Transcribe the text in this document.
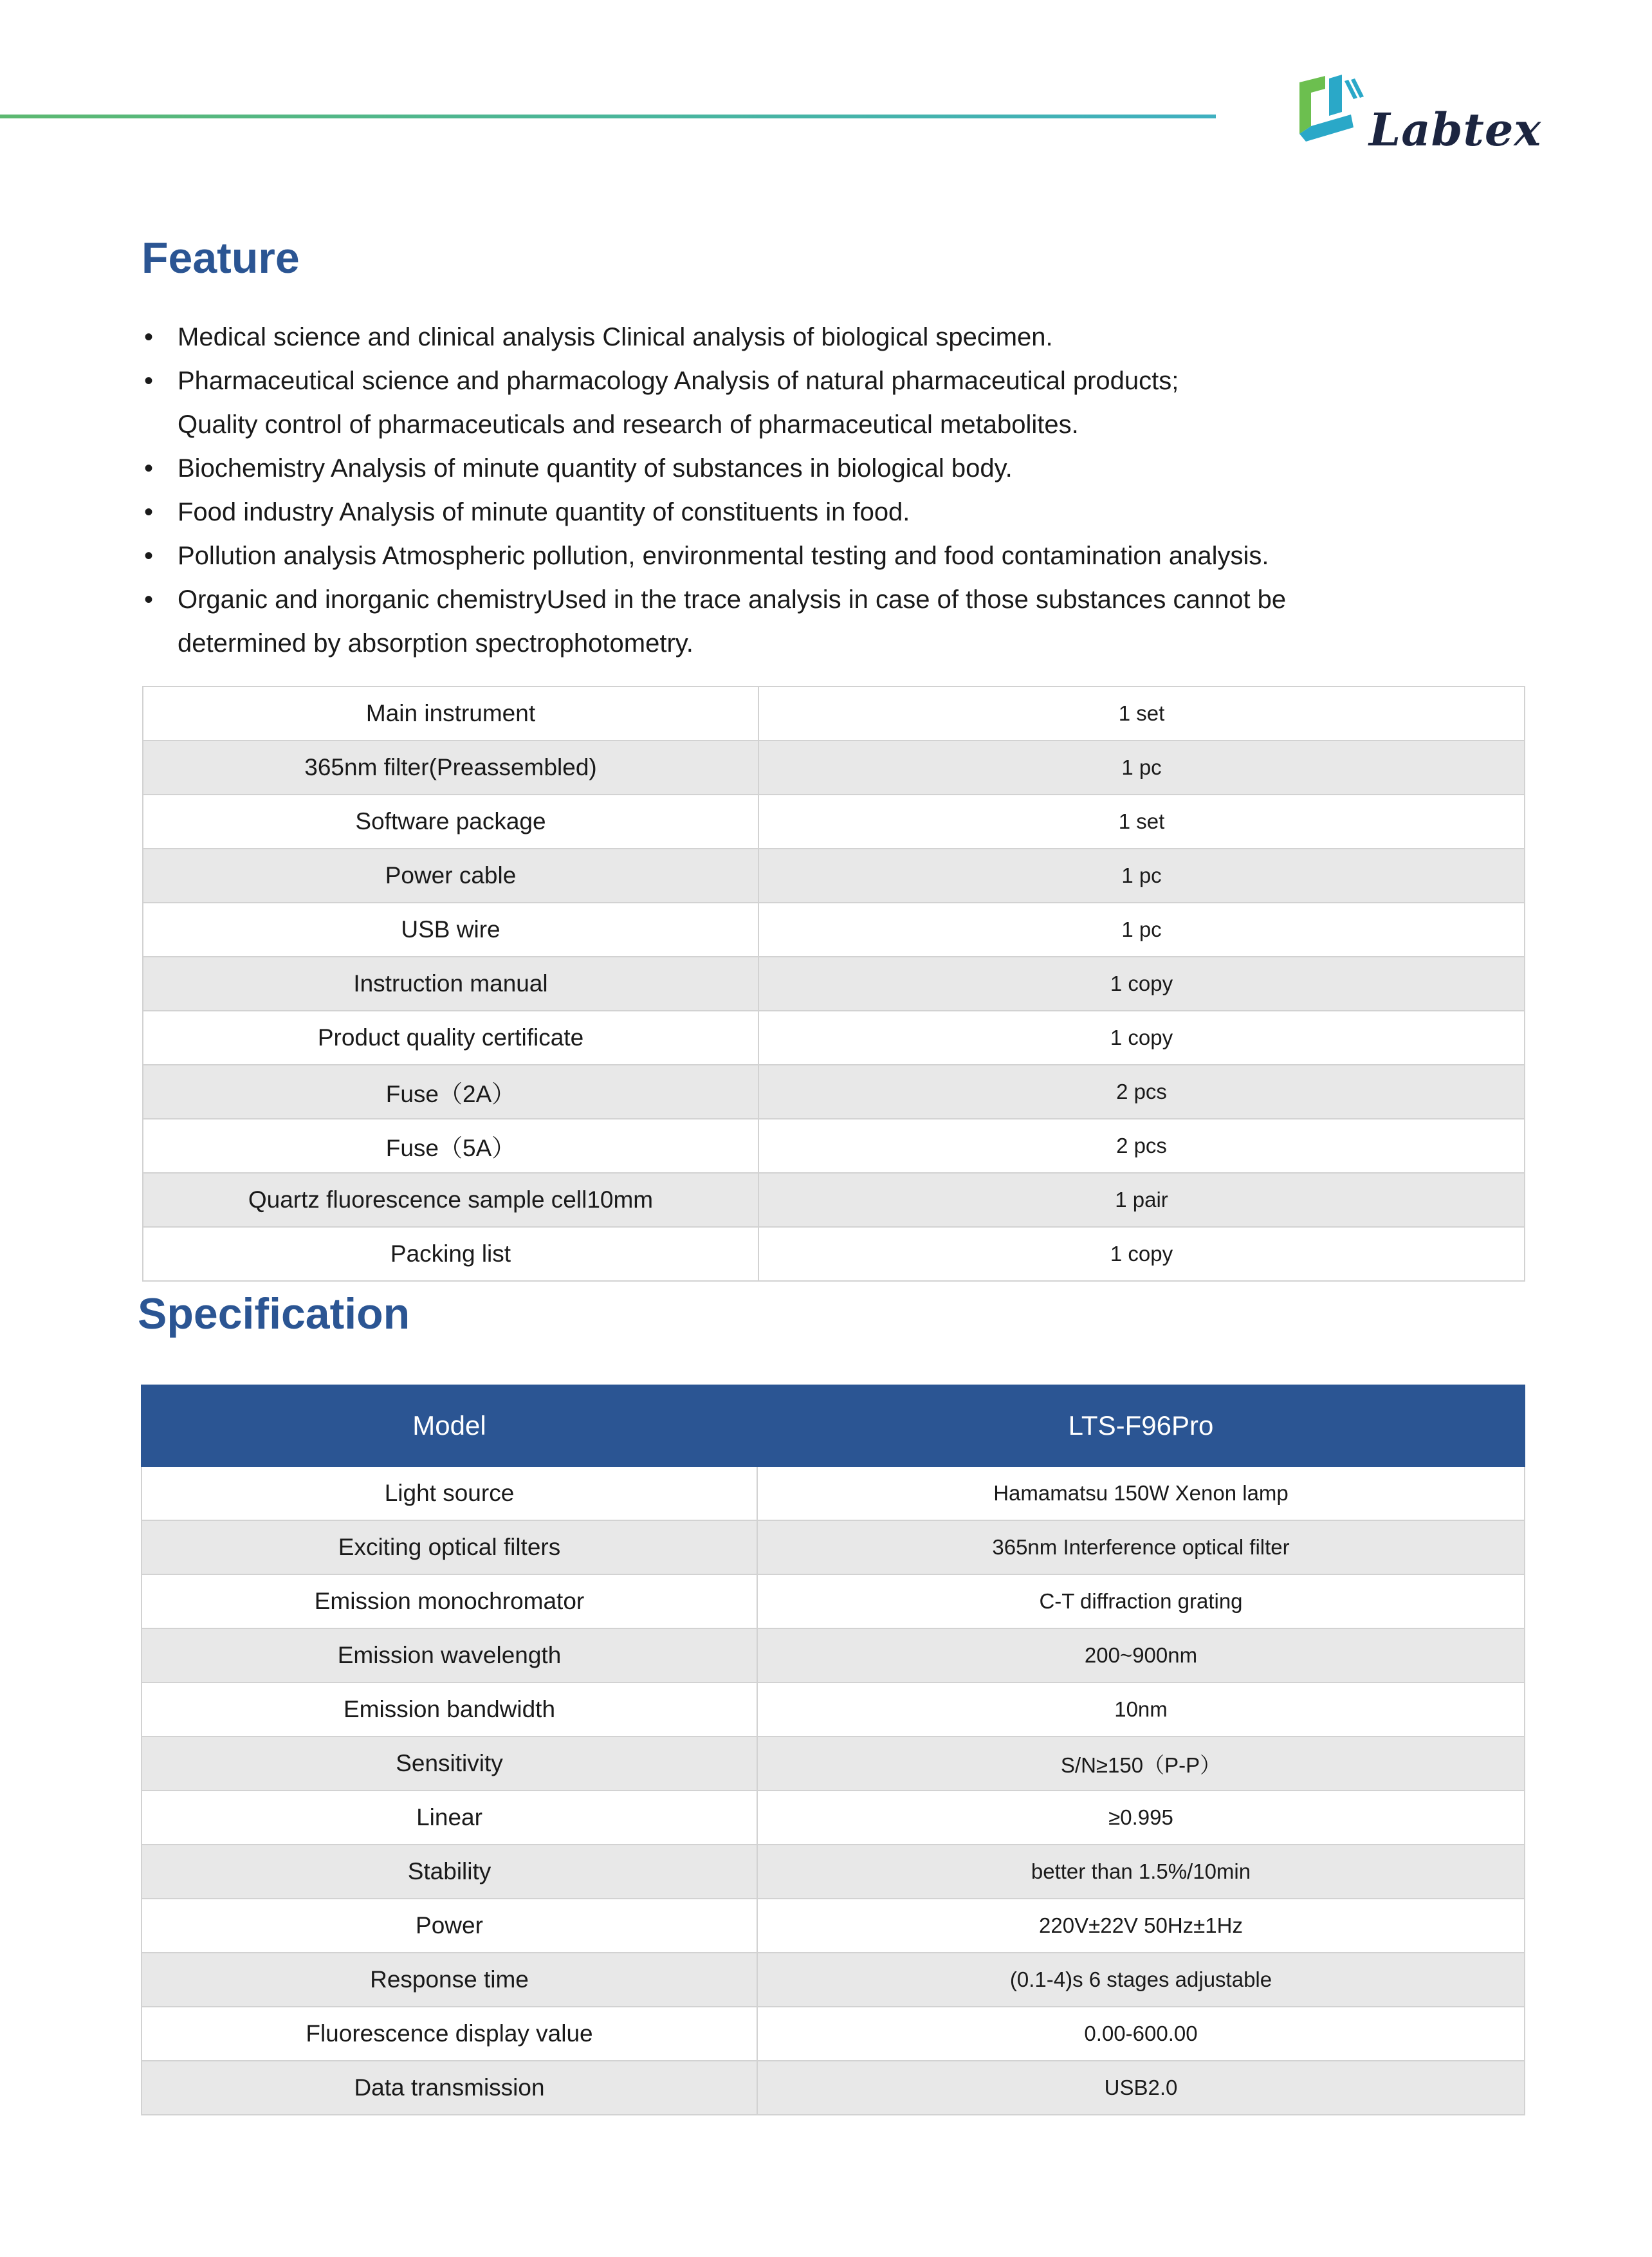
Labtex
Feature
• Medical science and clinical analysis Clinical analysis of biological specimen.
• Pharmaceutical science and pharmacology Analysis of natural pharmaceutical products;
Quality control of pharmaceuticals and research of pharmaceutical metabolites.
• Biochemistry Analysis of minute quantity of substances in biological body.
• Food industry Analysis of minute quantity of constituents in food.
• Pollution analysis Atmospheric pollution, environmental testing and food contamination analysis.
• Organic and inorganic chemistryUsed in the trace analysis in case of those substances cannot be
determined by absorption spectrophotometry.
Main instrument	1 set
365nm filter(Preassembled)	1 pc
Software package	1 set
Power cable	1 pc
USB wire	1 pc
Instruction manual	1 copy
Product quality certificate	1 copy
Fuse（2A）	2 pcs
Fuse（5A）	2 pcs
Quartz fluorescence sample cell10mm	1 pair
Packing list	1 copy
Specification
Model	LTS-F96Pro
Light source	Hamamatsu 150W Xenon lamp
Exciting optical filters	365nm Interference optical filter
Emission monochromator	C-T diffraction grating
Emission wavelength	200~900nm
Emission bandwidth	10nm
Sensitivity	S/N≥150（P-P）
Linear	≥0.995
Stability	better than 1.5%/10min
Power	220V±22V 50Hz±1Hz
Response time	(0.1-4)s 6 stages adjustable
Fluorescence display value	0.00-600.00
Data transmission	USB2.0
